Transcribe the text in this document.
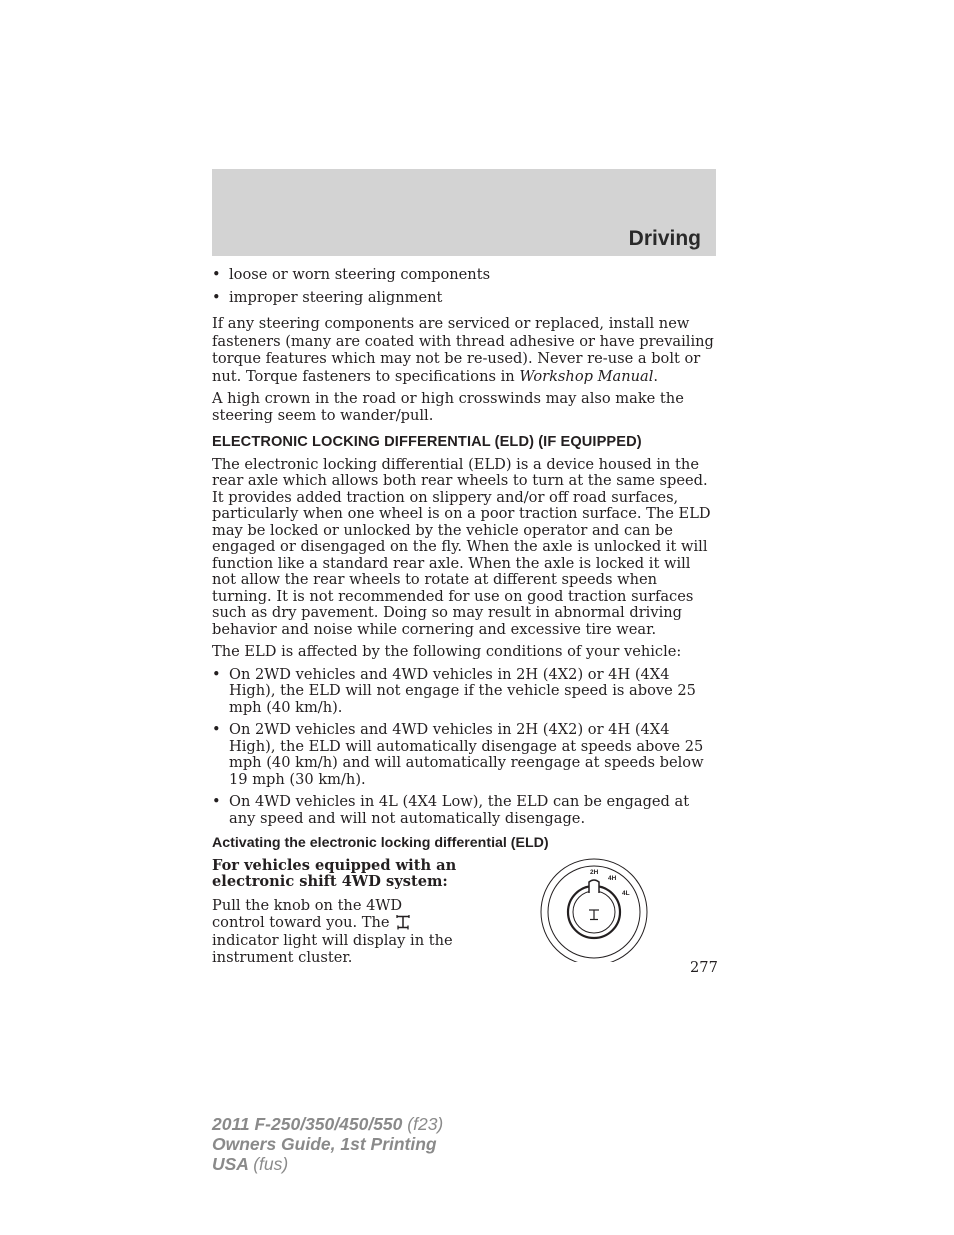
Driving
• loose or worn steering components
• improper steering alignment

If any steering components are serviced or replaced, install new fasteners (many are coated with thread adhesive or have prevailing torque features which may not be re-used). Never re-use a bolt or nut. Torque fasteners to specifications in Workshop Manual.

A high crown in the road or high crosswinds may also make the steering seem to wander/pull.

ELECTRONIC LOCKING DIFFERENTIAL (ELD) (IF EQUIPPED)

The electronic locking differential (ELD) is a device housed in the rear axle which allows both rear wheels to turn at the same speed. It provides added traction on slippery and/or off road surfaces, particularly when one wheel is on a poor traction surface. The ELD may be locked or unlocked by the vehicle operator and can be engaged or disengaged on the fly. When the axle is unlocked it will function like a standard rear axle. When the axle is locked it will not allow the rear wheels to rotate at different speeds when turning. It is not recommended for use on good traction surfaces such as dry pavement. Doing so may result in abnormal driving behavior and noise while cornering and excessive tire wear.

The ELD is affected by the following conditions of your vehicle:

• On 2WD vehicles and 4WD vehicles in 2H (4X2) or 4H (4X4 High), the ELD will not engage if the vehicle speed is above 25 mph (40 km/h).
• On 2WD vehicles and 4WD vehicles in 2H (4X2) or 4H (4X4 High), the ELD will automatically disengage at speeds above 25 mph (40 km/h) and will automatically reengage at speeds below 19 mph (30 km/h).
• On 4WD vehicles in 4L (4X4 Low), the ELD can be engaged at any speed and will not automatically disengage.
Activating the electronic locking differential (ELD)
For vehicles equipped with an electronic shift 4WD system:

Pull the knob on the 4WD control toward you. Theindicator light will display in the instrument cluster.

2H
4H
4L
277
2011 F-250/350/450/550 (f23)
Owners Guide, 1st Printing
USA (fus)
